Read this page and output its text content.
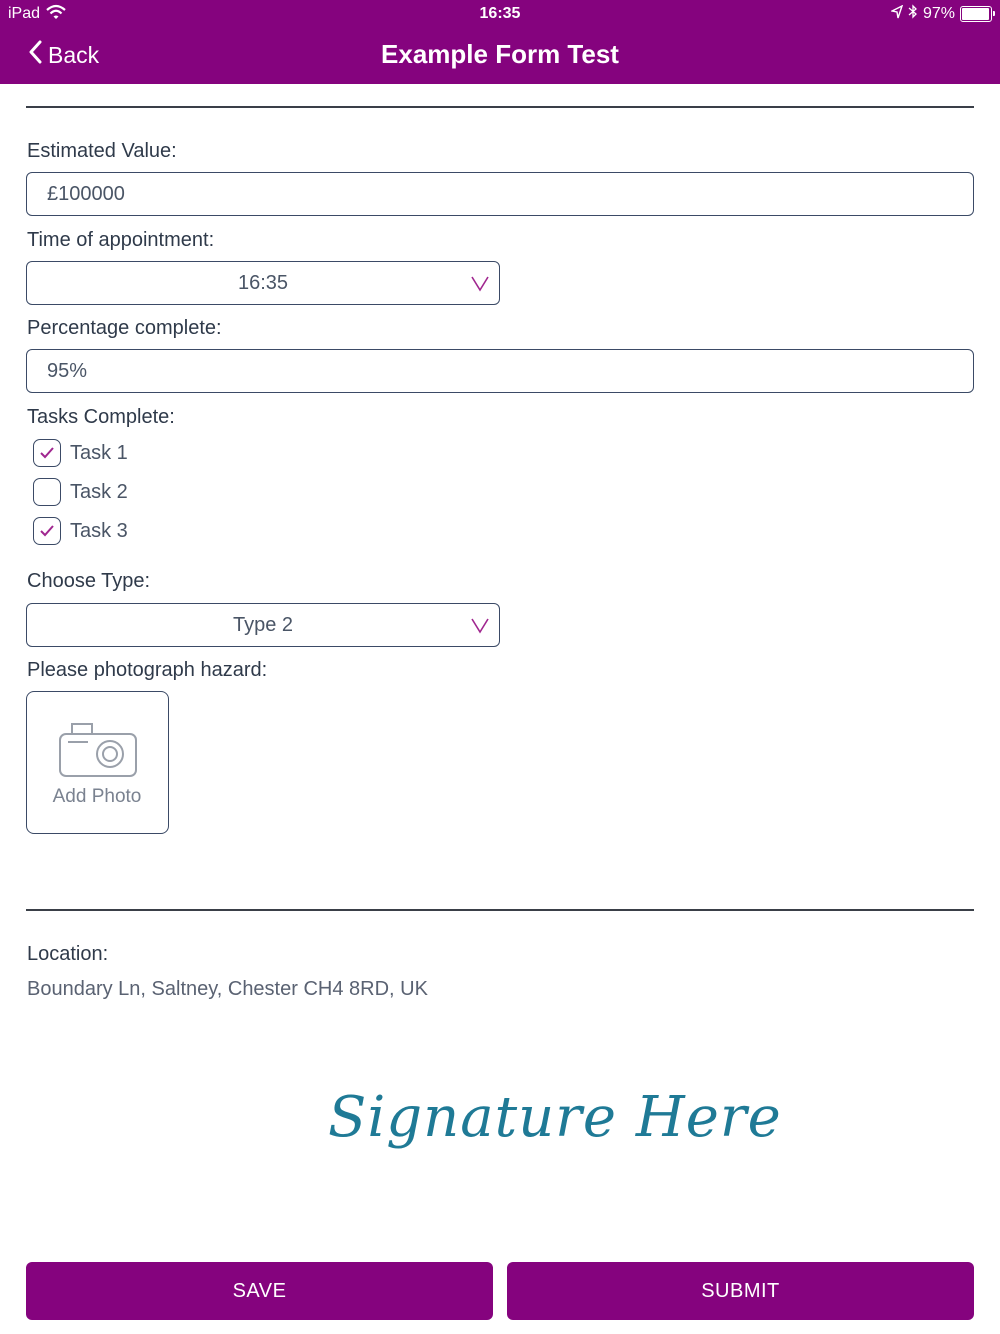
iPad	16:35	97%
Back	Example Form Test
Estimated Value:
£100000
Time of appointment:
16:35
Percentage complete:
95%
Tasks Complete:
Task 1
Task 2
Task 3
Choose Type:
Type 2
Please photograph hazard:
Add Photo
Location:
Boundary Ln, Saltney, Chester CH4 8RD, UK
Signature Here
SAVE	SUBMIT
